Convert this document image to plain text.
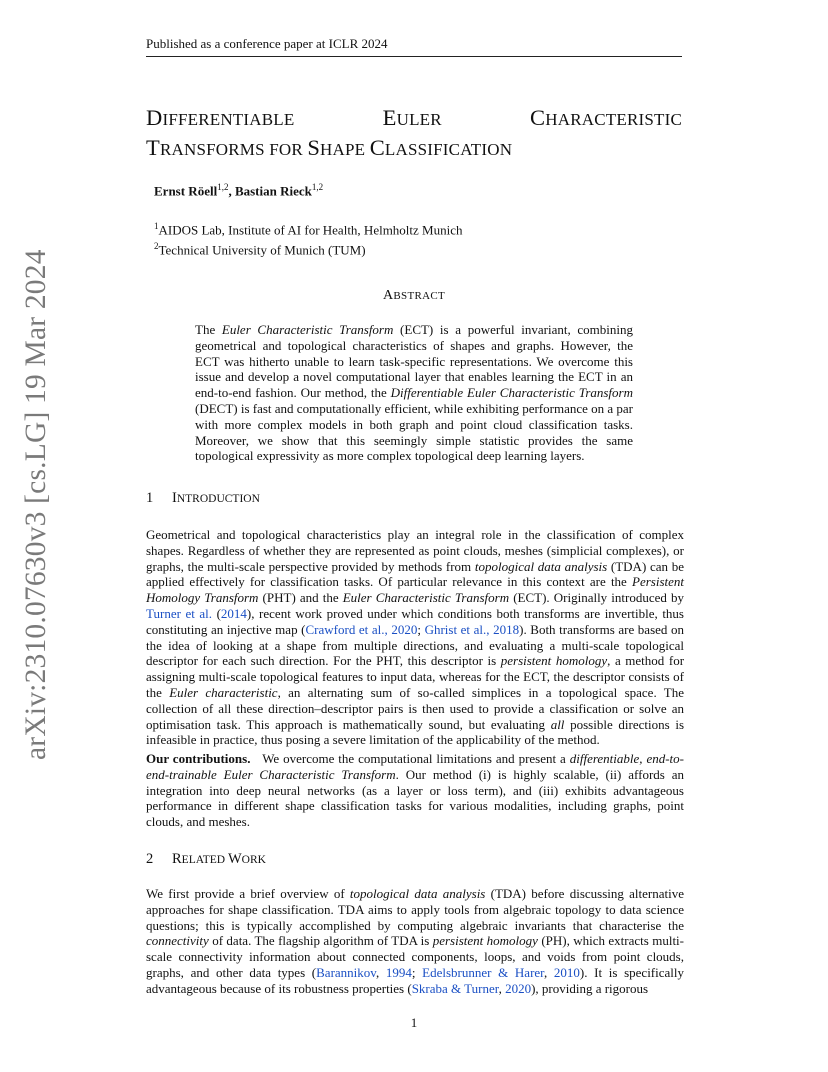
Published as a conference paper at ICLR 2024
DIFFERENTIABLE	EULER	CHARACTERISTIC
TRANSFORMS FOR SHAPE CLASSIFICATION
Ernst Röell$^{1,2}$, Bastian Rieck$^{1,2}$
$^1$AIDOS Lab, Institute of AI for Health, Helmholtz Munich
$^2$Technical University of Munich (TUM)
ABSTRACT

The Euler Characteristic Transform (ECT) is a powerful invariant, combining geometrical and topological characteristics of shapes and graphs. However, the ECT was hitherto unable to learn task-specific representations. We overcome this issue and develop a novel computational layer that enables learning the ECT in an end-to-end fashion. Our method, the Differentiable Euler Characteristic Transform (DECT) is fast and computationally efficient, while exhibiting performance on a par with more complex models in both graph and point cloud classification tasks. Moreover, we show that this seemingly simple statistic provides the same topological expressivity as more complex topological deep learning layers.

1 INTRODUCTION

Geometrical and topological characteristics play an integral role in the classification of complex shapes. Regardless of whether they are represented as point clouds, meshes (simplicial complexes), or graphs, the multi-scale perspective provided by methods from topological data analysis (TDA) can be applied effectively for classification tasks. Of particular relevance in this context are the Persistent Homology Transform (PHT) and the Euler Characteristic Transform (ECT). Originally introduced by Turner et al. (2014), recent work proved under which conditions both transforms are invertible, thus constituting an injective map (Crawford et al., 2020; Ghrist et al., 2018). Both transforms are based on the idea of looking at a shape from multiple directions, and evaluating a multi-scale topological descriptor for each such direction. For the PHT, this descriptor is persistent homology, a method for assigning multi-scale topological features to input data, whereas for the ECT, the descriptor consists of the Euler characteristic, an alternating sum of so-called simplices in a topological space. The collection of all these direction–descriptor pairs is then used to provide a classification or solve an optimisation task. This approach is mathematically sound, but evaluating all possible directions is infeasible in practice, thus posing a severe limitation of the applicability of the method.

Our contributions. We overcome the computational limitations and present a differentiable, end-to-end-trainable Euler Characteristic Transform. Our method (i) is highly scalable, (ii) affords an integration into deep neural networks (as a layer or loss term), and (iii) exhibits advantageous performance in different shape classification tasks for various modalities, including graphs, point clouds, and meshes.

2 RELATED WORK

We first provide a brief overview of topological data analysis (TDA) before discussing alternative approaches for shape classification. TDA aims to apply tools from algebraic topology to data science questions; this is typically accomplished by computing algebraic invariants that characterise the connectivity of data. The flagship algorithm of TDA is persistent homology (PH), which extracts multi-scale connectivity information about connected components, loops, and voids from point clouds, graphs, and other data types (Barannikov, 1994; Edelsbrunner & Harer, 2010). It is specifically advantageous because of its robustness properties (Skraba & Turner, 2020), providing a rigorous

arXiv:2310.07630v3 [cs.LG] 19 Mar 2024
1
